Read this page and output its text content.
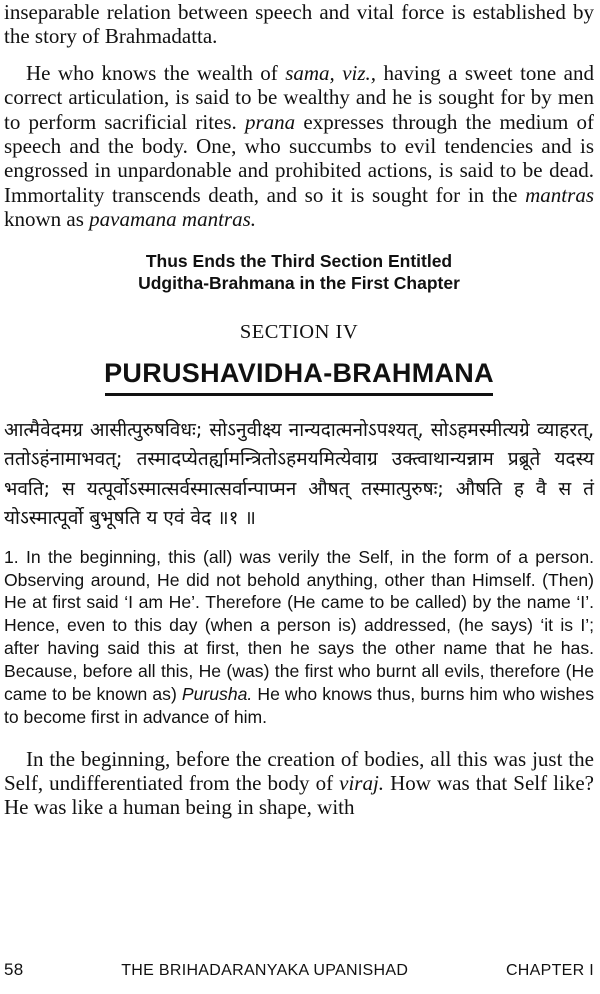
inseparable relation between speech and vital force is established by the story of Brahmadatta.

He who knows the wealth of sama, viz., having a sweet tone and correct articulation, is said to be wealthy and he is sought for by men to perform sacrificial rites. prana expresses through the medium of speech and the body. One, who succumbs to evil tendencies and is engrossed in unpardonable and prohibited actions, is said to be dead. Immortality transcends death, and so it is sought for in the mantras known as pavamana mantras.

Thus Ends the Third Section Entitled
Udgitha-Brahmana in the First Chapter
SECTION IV
PURUSHAVIDHA-BRAHMANA
आत्मैवेदमग्र आसीत्पुरुषविधः; सोऽनुवीक्ष्य नान्यदात्मनोऽपश्यत्, सोऽहमस्मीत्यग्रे व्याहरत्, ततोऽहंनामाभवत्; तस्मादप्येतर्ह्यामन्त्रितोऽहमयमित्येवाग्र उक्त्वाथान्यन्नाम प्रब्रूते यदस्य भवति; स यत्पूर्वोऽस्मात्सर्वस्मात्सर्वान्पाप्मन औषत् तस्मात्पुरुषः; औषति ह वै स तं योऽस्मात्पूर्वो बुभूषति य एवं वेद ॥१ ॥

1. In the beginning, this (all) was verily the Self, in the form of a person. Observing around, He did not behold anything, other than Himself. (Then) He at first said ‘I am He’. Therefore (He came to be called) by the name ‘I’. Hence, even to this day (when a person is) addressed, (he says) ‘it is I’; after having said this at first, then he says the other name that he has. Because, before all this, He (was) the first who burnt all evils, therefore (He came to be known as) Purusha. He who knows thus, burns him who wishes to become first in advance of him.

In the beginning, before the creation of bodies, all this was just the Self, undifferentiated from the body of viraj. How was that Self like? He was like a human being in shape, with

58	THE BRIHADARANYAKA UPANISHAD	CHAPTER I
